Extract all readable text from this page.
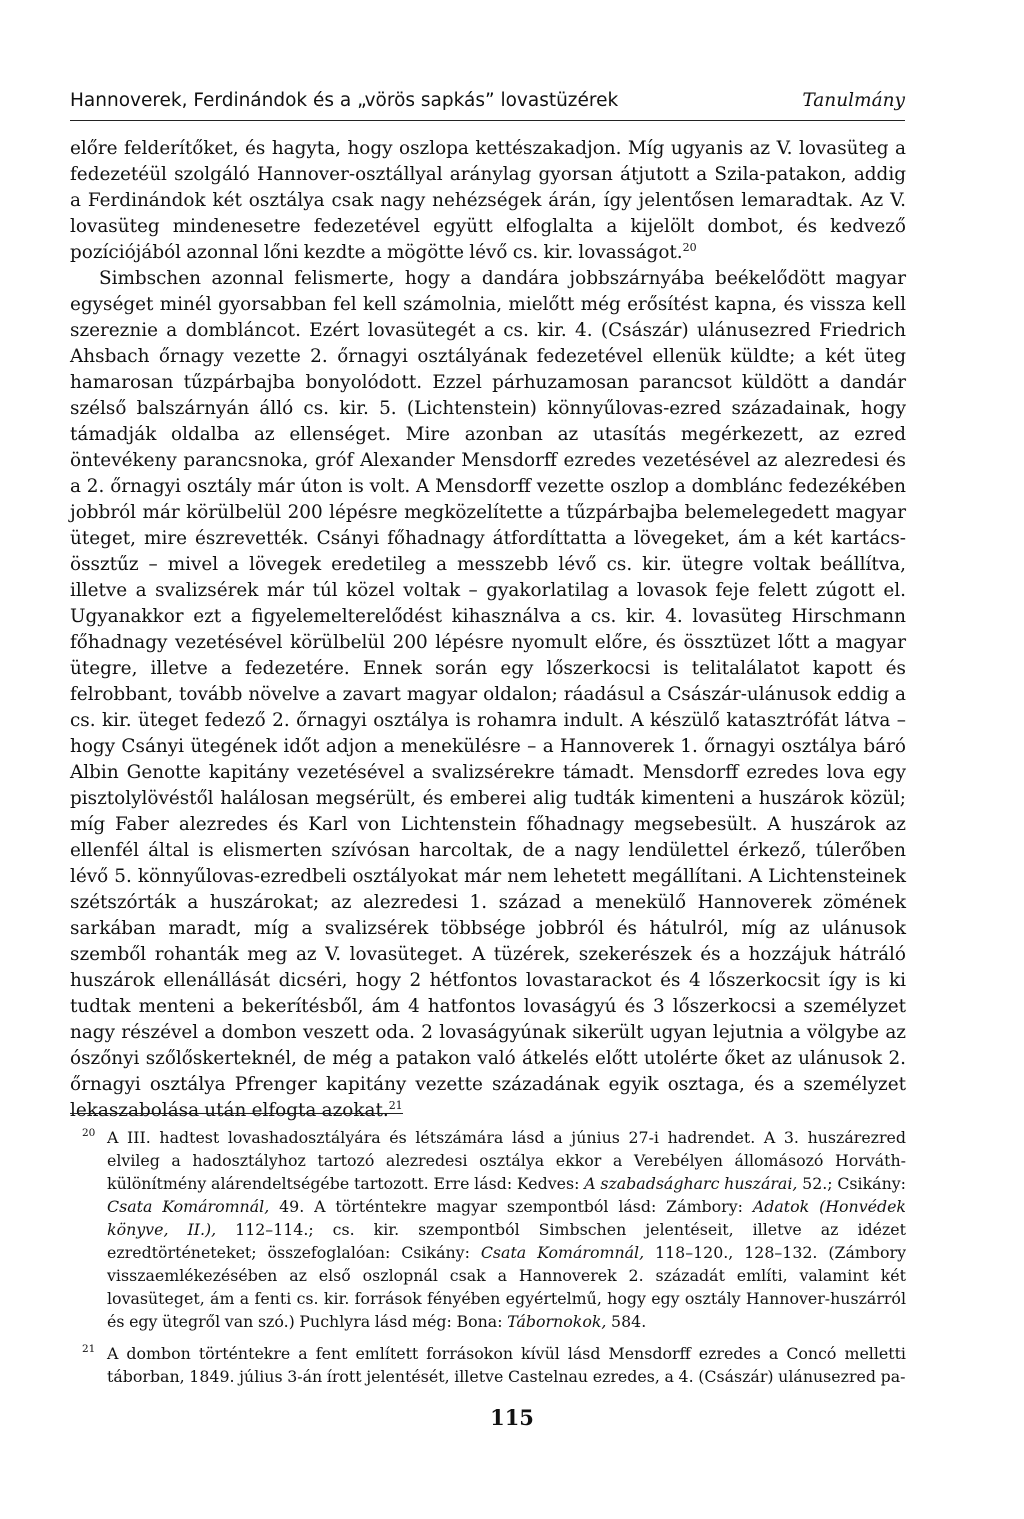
Hannoverek, Ferdinándok és a „vörös sapkás” lovastüzérek	Tanulmány

előre felderítőket, és hagyta, hogy oszlopa kettészakadjon. Míg ugyanis az V. lovasüteg a fedezetéül szolgáló Hannover-osztállyal aránylag gyorsan átjutott a Szila-patakon, addig a Ferdinándok két osztálya csak nagy nehézségek árán, így jelentősen lemaradtak. Az V. lovasüteg mindenesetre fedezetével együtt elfoglalta a kijelölt dombot, és kedvező pozíciójából azonnal lőni kezdte a mögötte lévő cs. kir. lovasságot.$^{20}$

Simbschen azonnal felismerte, hogy a dandára jobbszárnyába beékelődött magyar egységet minél gyorsabban fel kell számolnia, mielőtt még erősítést kapna, és vissza kell szereznie a dombláncot. Ezért lovasütegét a cs. kir. 4. (Császár) ulánusezred Friedrich Ahsbach őrnagy vezette 2. őrnagyi osztályának fedezetével ellenük küldte; a két üteg hamarosan tűzpárbajba bonyolódott. Ezzel párhuzamosan parancsot küldött a dandár szélső balszárnyán álló cs. kir. 5. (Lichtenstein) könnyűlovas-ezred századainak, hogy támadják oldalba az ellenséget. Mire azonban az utasítás megérkezett, az ezred öntevékeny parancsnoka, gróf Alexander Mensdorff ezredes vezetésével az alezredesi és a 2. őrnagyi osztály már úton is volt. A Mensdorff vezette oszlop a domblánc fedezékében jobbról már körülbelül 200 lépésre megközelítette a tűzpárbajba belemelegedett magyar üteget, mire észrevették. Csányi főhadnagy átfordíttatta a lövegeket, ám a két kartács-össztűz – mivel a lövegek eredetileg a messzebb lévő cs. kir. ütegre voltak beállítva, illetve a svalizsérek már túl közel voltak – gyakorlatilag a lovasok feje felett zúgott el. Ugyanakkor ezt a figyelemelterelődést kihasználva a cs. kir. 4. lovasüteg Hirschmann főhadnagy vezetésével körülbelül 200 lépésre nyomult előre, és össztüzet lőtt a magyar ütegre, illetve a fedezetére. Ennek során egy lőszerkocsi is telitalálatot kapott és felrobbant, tovább növelve a zavart magyar oldalon; ráadásul a Császár-ulánusok eddig a cs. kir. üteget fedező 2. őrnagyi osztálya is rohamra indult. A készülő katasztrófát látva – hogy Csányi ütegének időt adjon a menekülésre – a Hannoverek 1. őrnagyi osztálya báró Albin Genotte kapitány vezetésével a svalizsérekre támadt. Mensdorff ezredes lova egy pisztolylövéstől halálosan megsérült, és emberei alig tudták kimenteni a huszárok közül; míg Faber alezredes és Karl von Lichtenstein főhadnagy megsebesült. A huszárok az ellenfél által is elismerten szívósan harcoltak, de a nagy lendülettel érkező, túlerőben lévő 5. könnyűlovas-ezredbeli osztályokat már nem lehetett megállítani. A Lichtensteinek szétszórták a huszárokat; az alezredesi 1. század a menekülő Hannoverek zömének sarkában maradt, míg a svalizsérek többsége jobbról és hátulról, míg az ulánusok szemből rohanták meg az V. lovasüteget. A tüzérek, szekerészek és a hozzájuk hátráló huszárok ellenállását dicséri, hogy 2 hétfontos lovastarackot és 4 lőszerkocsit így is ki tudtak menteni a bekerítésből, ám 4 hatfontos lovaságyú és 3 lőszerkocsi a személyzet nagy részével a dombon veszett oda. 2 lovaságyúnak sikerült ugyan lejutnia a völgybe az ószőnyi szőlőskerteknél, de még a patakon való átkelés előtt utolérte őket az ulánusok 2. őrnagyi osztálya Pfrenger kapitány vezette századának egyik osztaga, és a személyzet lekaszabolása után elfogta azokat.$^{21}$

20 A III. hadtest lovashadosztályára és létszámára lásd a június 27-i hadrendet. A 3. huszárezred elvileg a hadosztályhoz tartozó alezredesi osztálya ekkor a Verebélyen állomásozó Horváth-különítmény alárendeltségébe tartozott. Erre lásd: Kedves: A szabadságharc huszárai, 52.; Csikány: Csata Komáromnál, 49. A történtekre magyar szempontból lásd: Zámbory: Adatok (Honvédek könyve, II.), 112–114.; cs. kir. szempontból Simbschen jelentéseit, illetve az idézet ezredtörténeteket; összefoglalóan: Csikány: Csata Komáromnál, 118–120., 128–132. (Zámbory visszaemlékezésében az első oszlopnál csak a Hannoverek 2. századát említi, valamint két lovasüteget, ám a fenti cs. kir. források fényében egyértelmű, hogy egy osztály Hannover-huszárról és egy ütegről van szó.) Puchlyra lásd még: Bona: Tábornokok, 584.
21 A dombon történtekre a fent említett forrásokon kívül lásd Mensdorff ezredes a Concó melletti táborban, 1849. július 3-án írott jelentését, illetve Castelnau ezredes, a 4. (Császár) ulánusezred pa-
115
